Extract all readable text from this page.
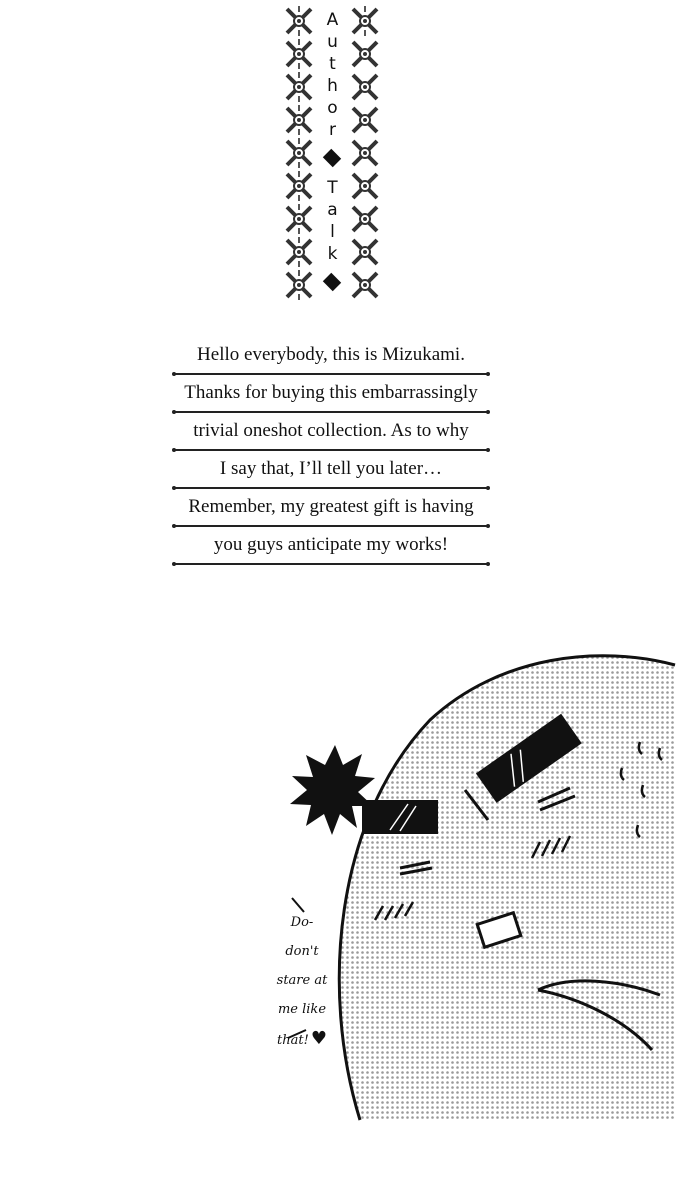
Author
Talk
Hello everybody, this is Mizukami.
Thanks for buying this embarrassingly
trivial oneshot collection. As to why
I say that, I’ll tell you later…
Remember, my greatest gift is having
you guys anticipate my works!
Do-
don't
stare at
me like
that! ♥
